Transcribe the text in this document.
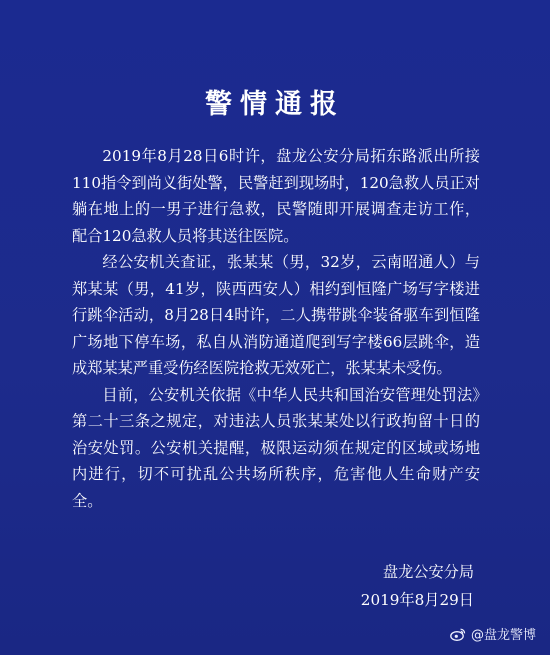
警情通报

2019年8月28日6时许，盘龙公安分局拓东路派出所接110指令到尚义街处警，民警赶到现场时，120急救人员正对躺在地上的一男子进行急救，民警随即开展调查走访工作，配合120急救人员将其送往医院。

经公安机关查证，张某某（男，32岁，云南昭通人）与郑某某（男，41岁，陕西西安人）相约到恒隆广场写字楼进行跳伞活动，8月28日4时许，二人携带跳伞装备驱车到恒隆广场地下停车场，私自从消防通道爬到写字楼66层跳伞，造成郑某某严重受伤经医院抢救无效死亡，张某某未受伤。

目前，公安机关依据《中华人民共和国治安管理处罚法》第二十三条之规定，对违法人员张某某处以行政拘留十日的治安处罚。公安机关提醒，极限运动须在规定的区域或场地内进行，切不可扰乱公共场所秩序，危害他人生命财产安全。

盘龙公安分局
2019年8月29日
@盘龙警博
